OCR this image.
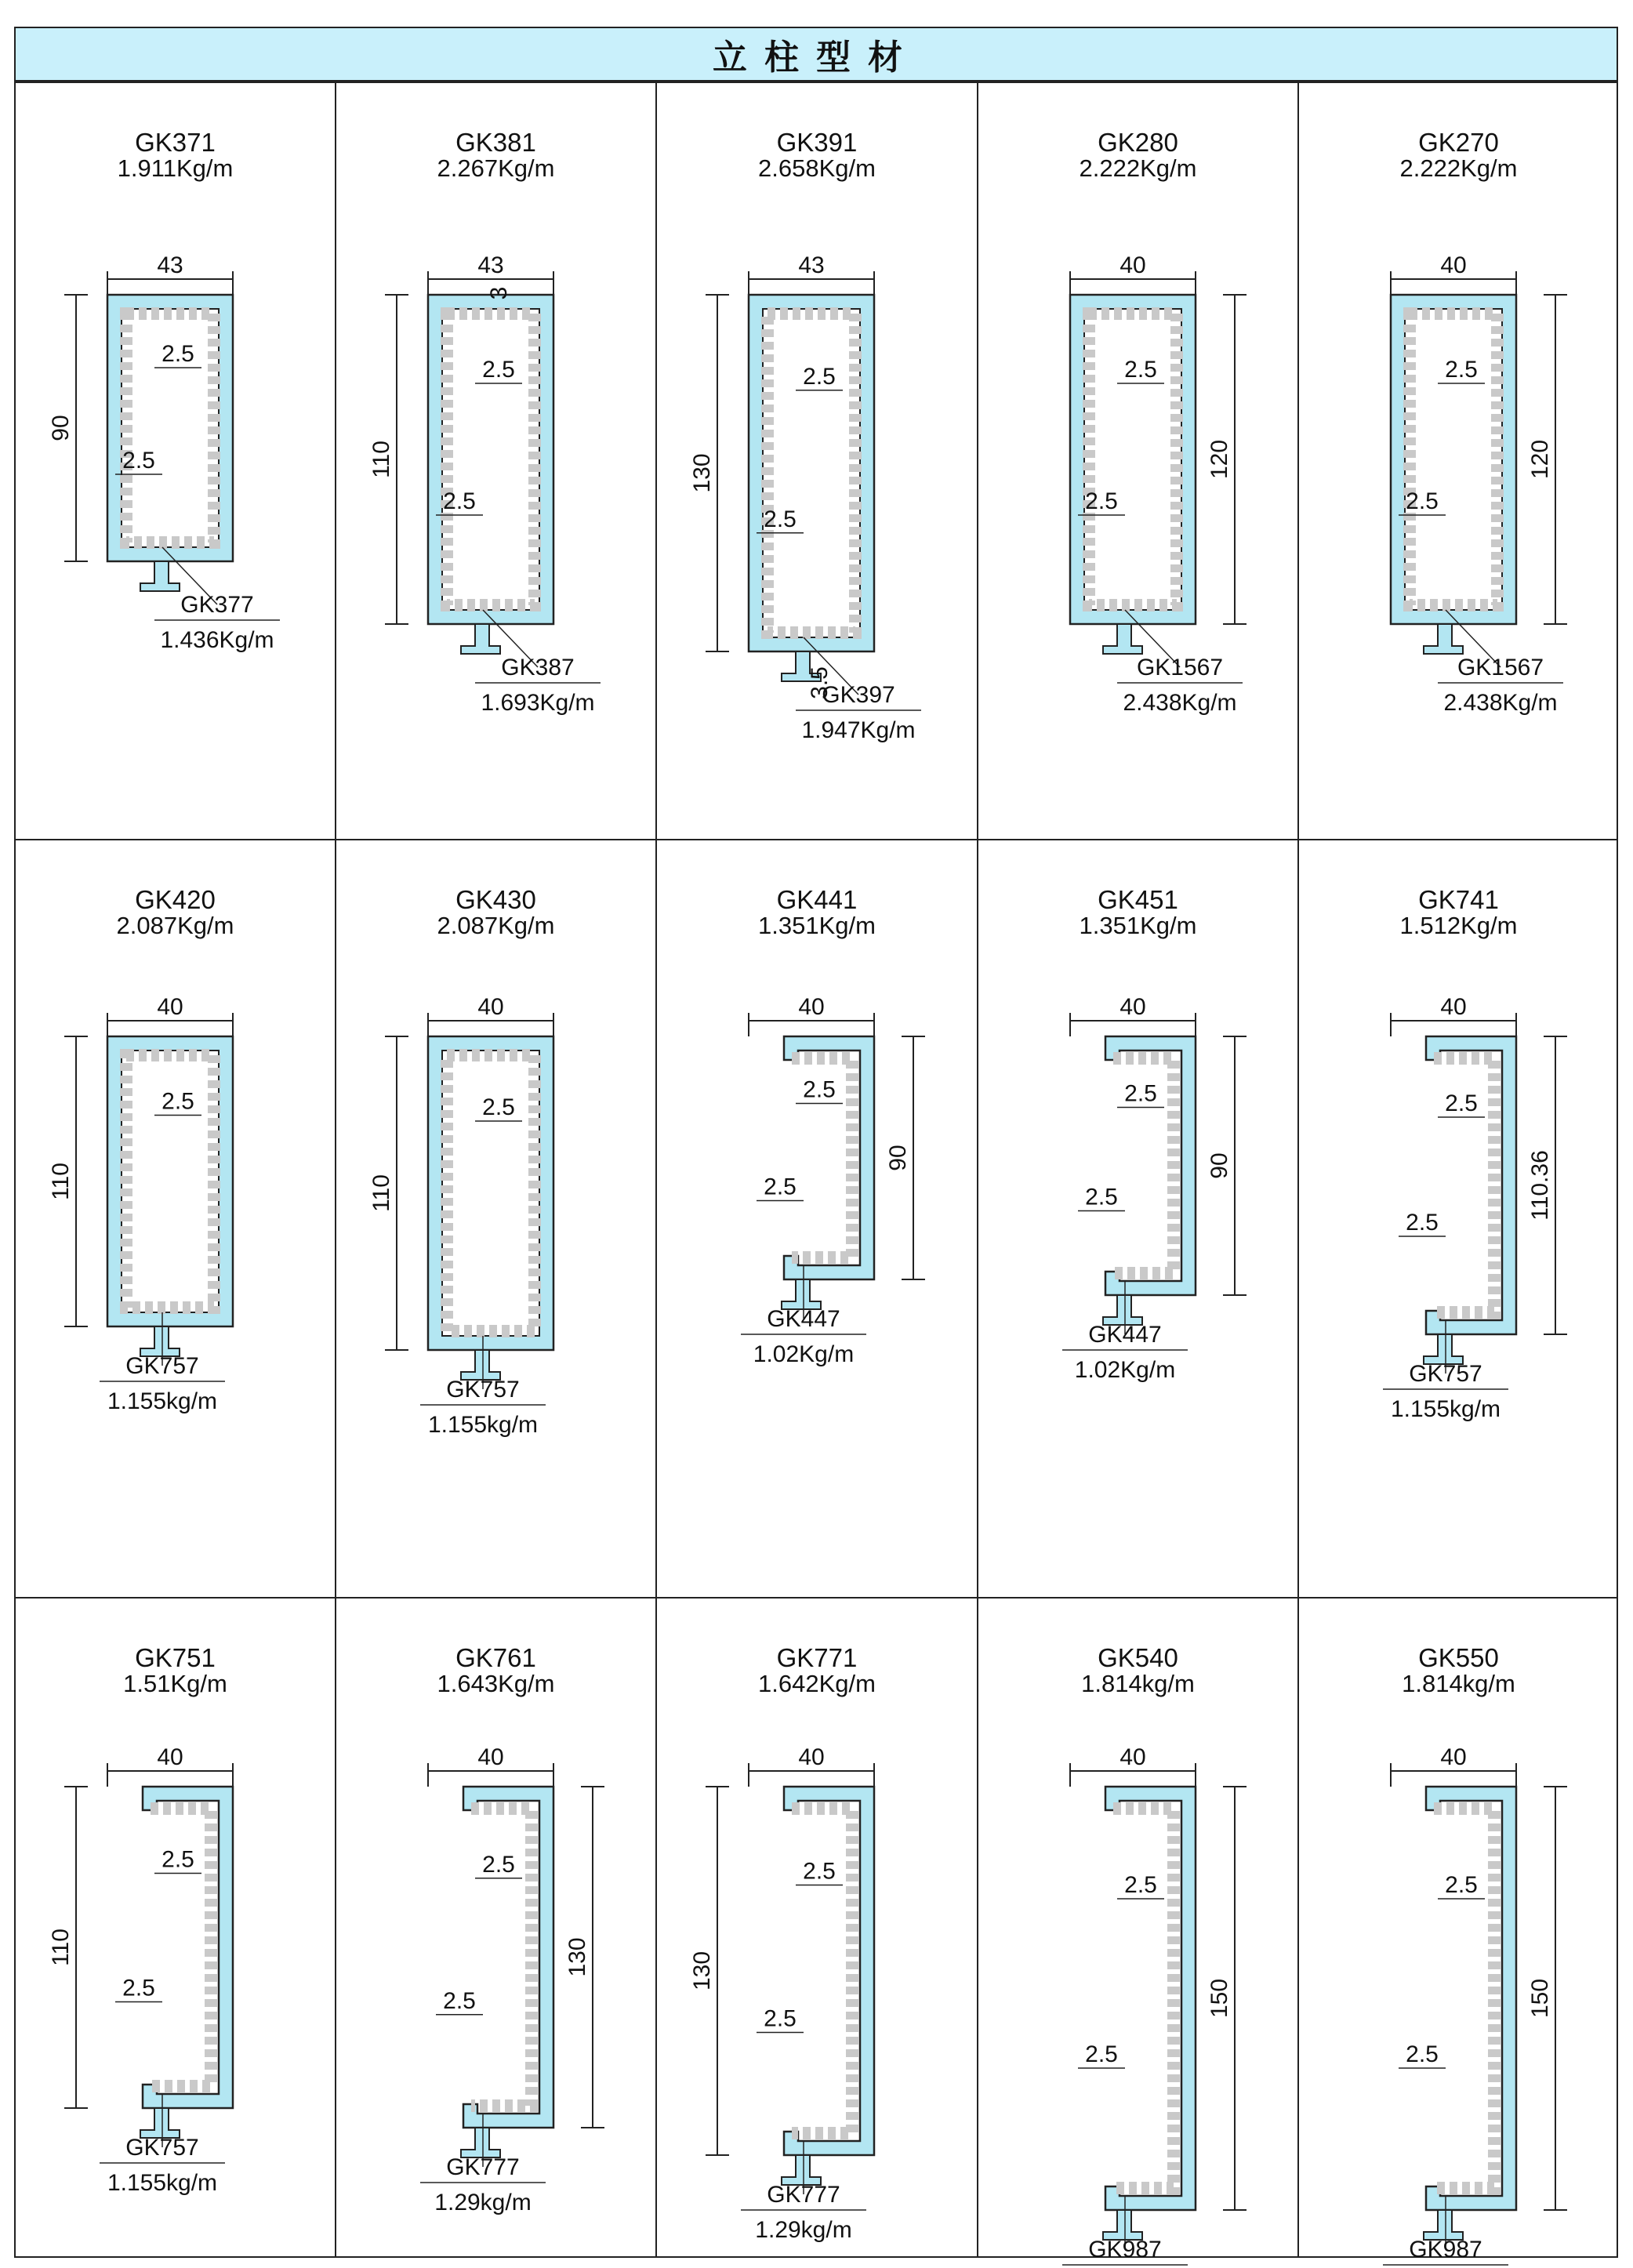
立柱型材
GK371
1.911Kg/m
43
90
2.5
2.5
GK377
1.436Kg/m
GK381
2.267Kg/m
43
110
2.5
2.5
3
GK387
1.693Kg/m
GK391
2.658Kg/m
43
130
2.5
2.5
3.5
GK397
1.947Kg/m
GK280
2.222Kg/m
40
120
2.5
2.5
GK1567
2.438Kg/m
GK270
2.222Kg/m
40
120
2.5
2.5
GK1567
2.438Kg/m
GK420
2.087Kg/m
40
110
2.5
GK757
1.155kg/m
GK430
2.087Kg/m
40
110
2.5
GK757
1.155kg/m
GK441
1.351Kg/m
40
90
2.5
2.5
GK447
1.02Kg/m
GK451
1.351Kg/m
40
90
2.5
2.5
GK447
1.02Kg/m
GK741
1.512Kg/m
40
110.36
2.5
2.5
GK757
1.155kg/m
GK751
1.51Kg/m
40
110
2.5
2.5
GK757
1.155kg/m
GK761
1.643Kg/m
40
130
2.5
2.5
GK777
1.29kg/m
GK771
1.642Kg/m
40
130
2.5
2.5
GK777
1.29kg/m
GK540
1.814kg/m
40
150
2.5
2.5
GK987
GK550
1.814kg/m
40
150
2.5
2.5
GK987
